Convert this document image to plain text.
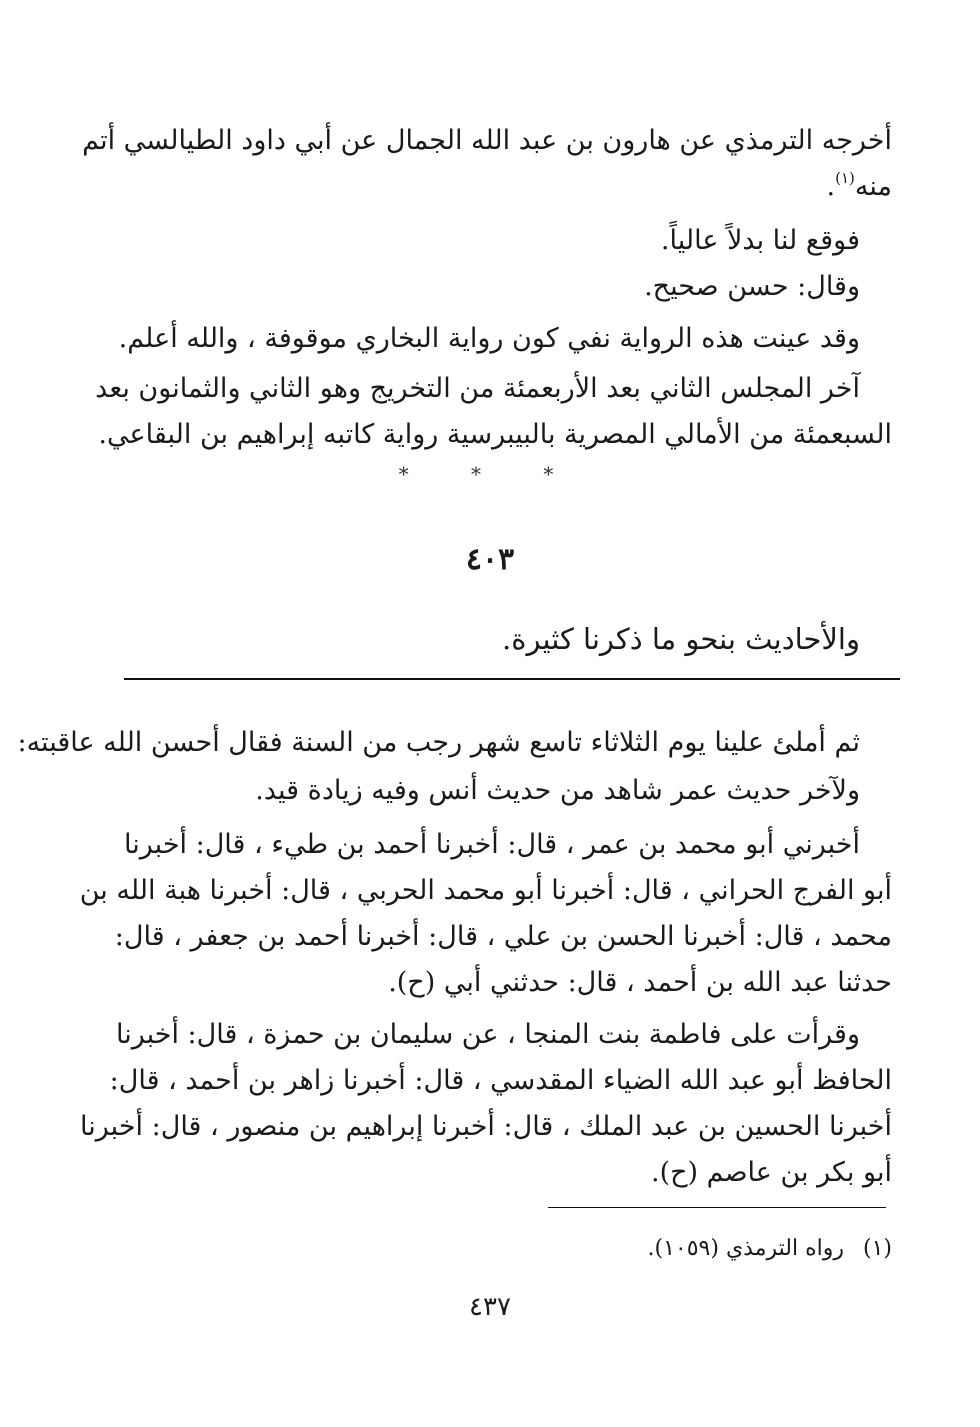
أخرجه الترمذي عن هارون بن عبد الله الجمال عن أبي داود الطيالسي أتم
منه$^{(١)}$.
فوقع لنا بدلاً عالياً.
وقال: حسن صحيح.
وقد عينت هذه الرواية نفي كون رواية البخاري موقوفة ، والله أعلم.
آخر المجلس الثاني بعد الأربعمئة من التخريج وهو الثاني والثمانون بعد
السبعمئة من الأمالي المصرية بالبيبرسية رواية كاتبه إبراهيم بن البقاعي.
* * *
٤٠٣
والأحاديث بنحو ما ذكرنا كثيرة.
ثم أملئ علينا يوم الثلاثاء تاسع شهر رجب من السنة فقال أحسن الله عاقبته:
ولآخر حديث عمر شاهد من حديث أنس وفيه زيادة قيد.
أخبرني أبو محمد بن عمر ، قال: أخبرنا أحمد بن طيء ، قال: أخبرنا
أبو الفرج الحراني ، قال: أخبرنا أبو محمد الحربي ، قال: أخبرنا هبة الله بن
محمد ، قال: أخبرنا الحسن بن علي ، قال: أخبرنا أحمد بن جعفر ، قال:
حدثنا عبد الله بن أحمد ، قال: حدثني أبي (ح).
وقرأت على فاطمة بنت المنجا ، عن سليمان بن حمزة ، قال: أخبرنا
الحافظ أبو عبد الله الضياء المقدسي ، قال: أخبرنا زاهر بن أحمد ، قال:
أخبرنا الحسين بن عبد الملك ، قال: أخبرنا إبراهيم بن منصور ، قال: أخبرنا
أبو بكر بن عاصم (ح).
(١) رواه الترمذي (١٠٥٩).
٤٣٧
